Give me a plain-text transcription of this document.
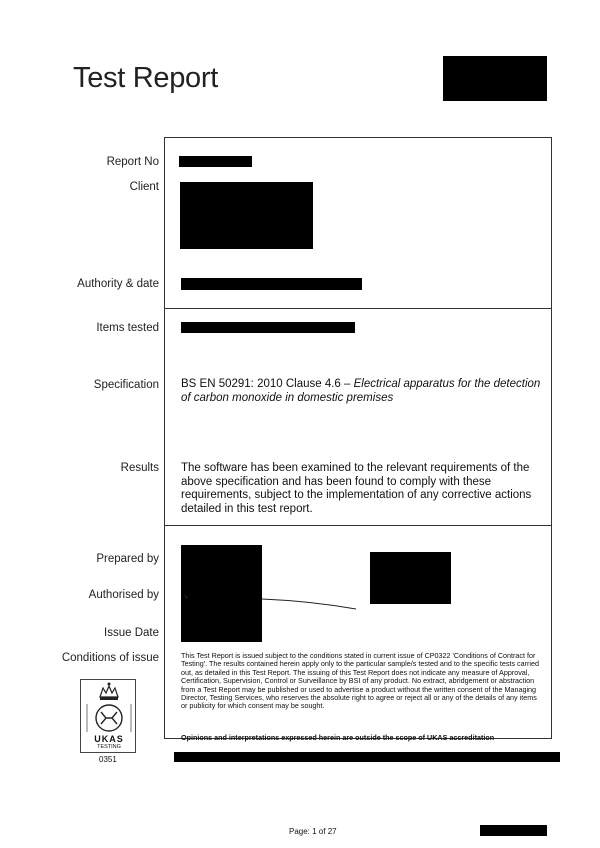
Test Report
Report No
Client
Authority & date
Items tested
Specification
Results
Prepared by
Authorised by
Issue Date
Conditions of issue
BS EN 50291: 2010 Clause 4.6 – Electrical apparatus for the detection of carbon monoxide in domestic premises
The software has been examined to the relevant requirements of the above specification and has been found to comply with these requirements, subject to the implementation of any corrective actions detailed in this test report.
This Test Report is issued subject to the conditions stated in current issue of CP0322 'Conditions of Contract for Testing'. The results contained herein apply only to the particular sample/s tested and to the specific tests carried out, as detailed in this Test Report. The issuing of this Test Report does not indicate any measure of Approval, Certification, Supervision, Control or Surveillance by BSI of any product. No extract, abridgement or abstraction from a Test Report may be published or used to advertise a product without the written consent of the Managing Director, Testing Services, who reserves the absolute right to agree or reject all or any of the details of any items or publicity for which consent may be sought.
Opinions and interpretations expressed herein are outside the scope of UKAS accreditation
UKAS
TESTING
0351
Page: 1 of 27
